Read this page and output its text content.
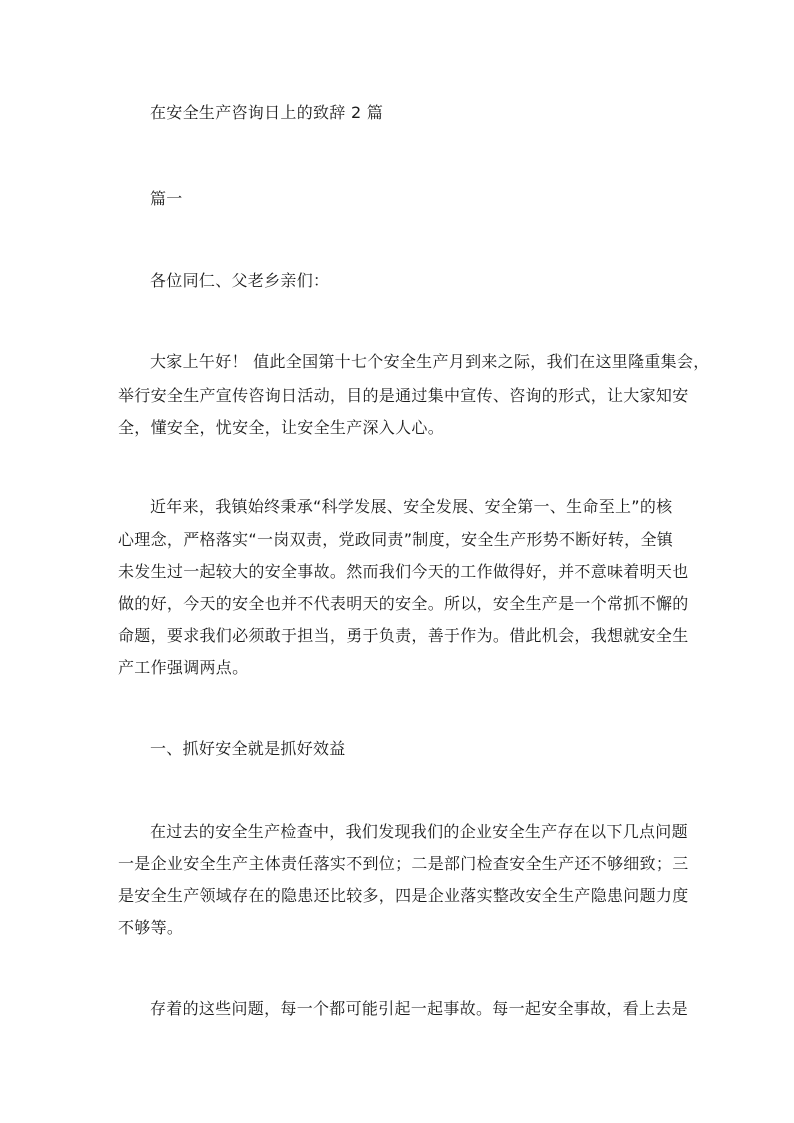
在安全生产咨询日上的致辞 2 篇
篇一
各位同仁、父老乡亲们：
大家上午好！ 值此全国第十七个安全生产月到来之际，我们在这里隆重集会，
举行安全生产宣传咨询日活动，目的是通过集中宣传、咨询的形式，让大家知安
全，懂安全，忧安全，让安全生产深入人心。
近年来，我镇始终秉承“科学发展、安全发展、安全第一、生命至上”的核
心理念，严格落实“一岗双责，党政同责”制度，安全生产形势不断好转，全镇
未发生过一起较大的安全事故。然而我们今天的工作做得好，并不意味着明天也
做的好，今天的安全也并不代表明天的安全。所以，安全生产是一个常抓不懈的
命题，要求我们必须敢于担当，勇于负责，善于作为。借此机会，我想就安全生
产工作强调两点。
一、抓好安全就是抓好效益
在过去的安全生产检查中，我们发现我们的企业安全生产存在以下几点问题
一是企业安全生产主体责任落实不到位；二是部门检查安全生产还不够细致；三
是安全生产领域存在的隐患还比较多，四是企业落实整改安全生产隐患问题力度
不够等。
存着的这些问题，每一个都可能引起一起事故。每一起安全事故，看上去是
